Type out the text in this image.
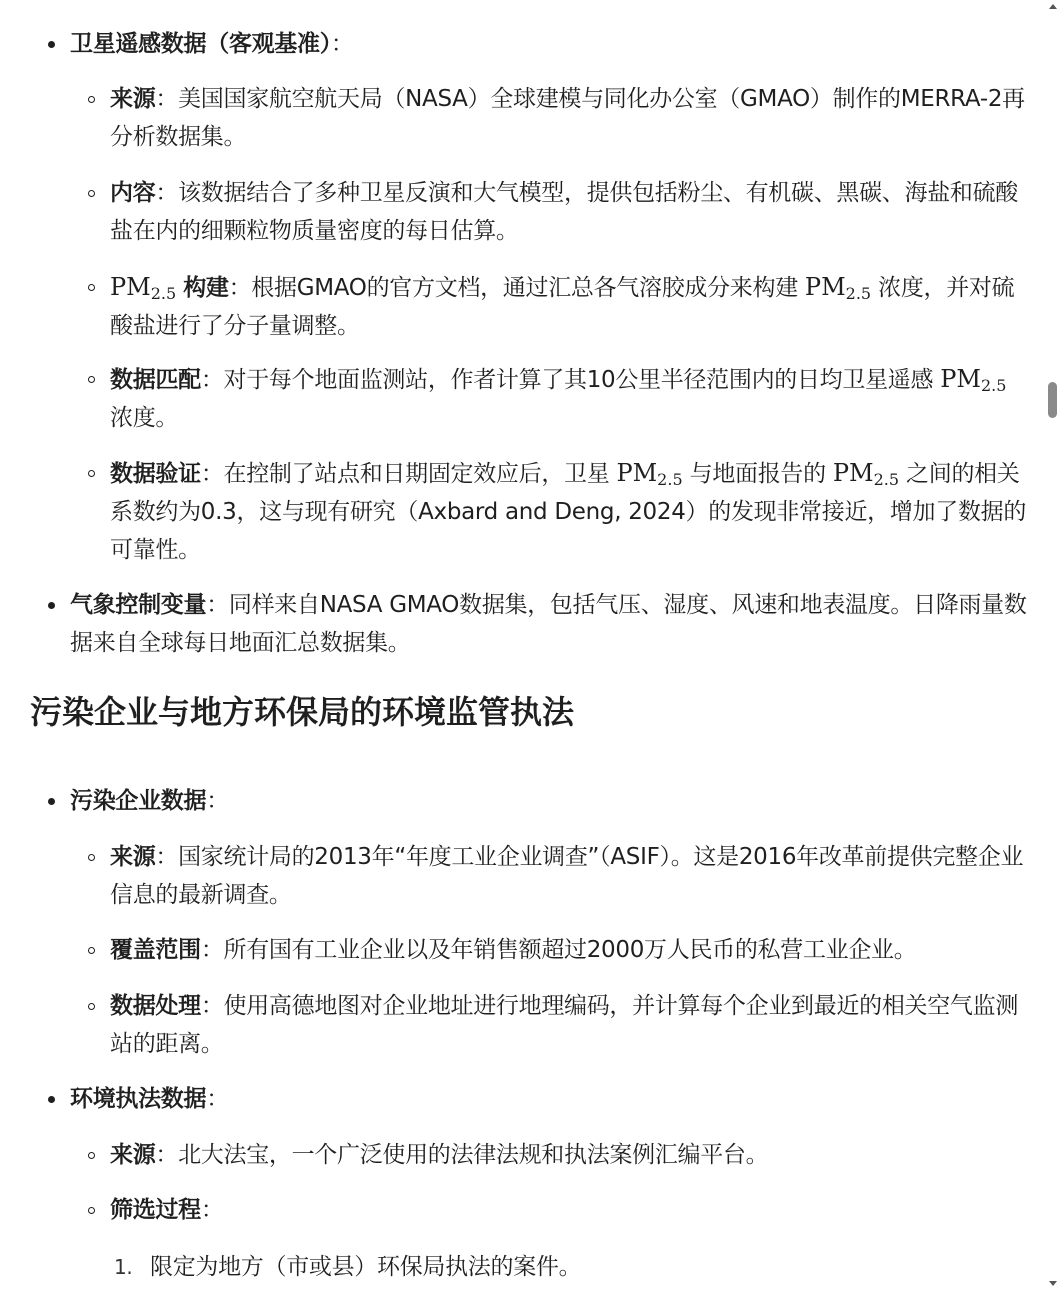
卫星遥感数据（客观基准）：
来源：美国国家航空航天局（NASA）全球建模与同化办公室（GMAO）制作的MERRA-2再分析数据集。
内容：该数据结合了多种卫星反演和大气模型，提供包括粉尘、有机碳、黑碳、海盐和硫酸盐在内的细颗粒物质量密度的每日估算。
$PM_{2.5}$ 构建：根据GMAO的官方文档，通过汇总各气溶胶成分来构建 $PM_{2.5}$ 浓度，并对硫酸盐进行了分子量调整。
数据匹配：对于每个地面监测站，作者计算了其10公里半径范围内的日均卫星遥感 $PM_{2.5}$ 浓度。
数据验证：在控制了站点和日期固定效应后，卫星 $PM_{2.5}$ 与地面报告的 $PM_{2.5}$ 之间的相关系数约为0.3，这与现有研究（Axbard and Deng, 2024）的发现非常接近，增加了数据的可靠性。
气象控制变量：同样来自NASA GMAO数据集，包括气压、湿度、风速和地表温度。日降雨量数据来自全球每日地面汇总数据集。
污染企业与地方环保局的环境监管执法
污染企业数据：
来源：国家统计局的2013年“年度工业企业调查”（ASIF）。这是2016年改革前提供完整企业信息的最新调查。
覆盖范围：所有国有工业企业以及年销售额超过2000万人民币的私营工业企业。
数据处理：使用高德地图对企业地址进行地理编码，并计算每个企业到最近的相关空气监测站的距离。
环境执法数据：
来源：北大法宝，一个广泛使用的法律法规和执法案例汇编平台。
筛选过程：
1. 限定为地方（市或县）环保局执法的案件。
